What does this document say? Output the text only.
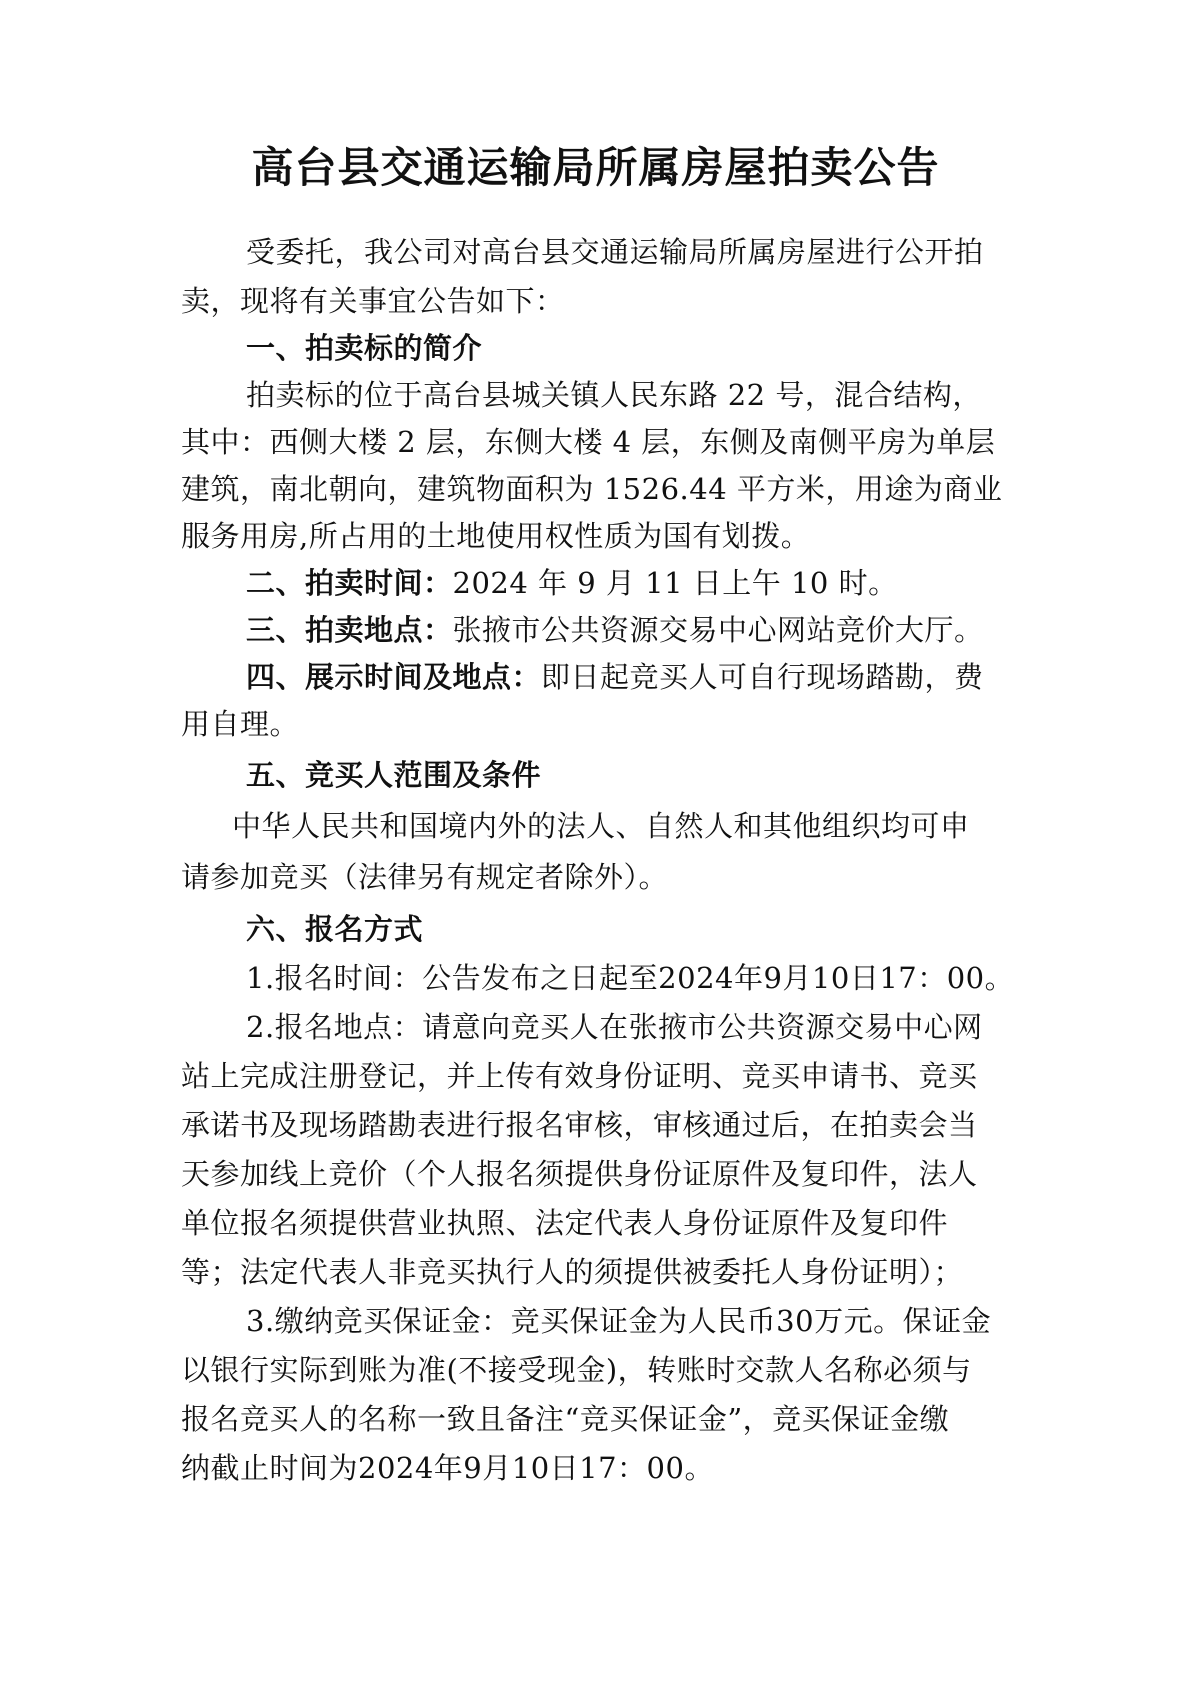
高台县交通运输局所属房屋拍卖公告
受委托，我公司对高台县交通运输局所属房屋进行公开拍
卖，现将有关事宜公告如下：
一、拍卖标的简介
拍卖标的位于高台县城关镇人民东路 22 号，混合结构，
其中：西侧大楼 2 层，东侧大楼 4 层，东侧及南侧平房为单层
建筑，南北朝向，建筑物面积为 1526.44 平方米，用途为商业
服务用房,所占用的土地使用权性质为国有划拨。
二、拍卖时间：2024 年 9 月 11 日上午 10 时。
三、拍卖地点：张掖市公共资源交易中心网站竞价大厅。
四、展示时间及地点：即日起竞买人可自行现场踏勘，费
用自理。
五、竞买人范围及条件
中华人民共和国境内外的法人、自然人和其他组织均可申
请参加竞买（法律另有规定者除外）。
六、报名方式
1.报名时间：公告发布之日起至2024年9月10日17：00。
2.报名地点：请意向竞买人在张掖市公共资源交易中心网
站上完成注册登记，并上传有效身份证明、竞买申请书、竞买
承诺书及现场踏勘表进行报名审核，审核通过后，在拍卖会当
天参加线上竞价（个人报名须提供身份证原件及复印件，法人
单位报名须提供营业执照、法定代表人身份证原件及复印件
等；法定代表人非竞买执行人的须提供被委托人身份证明）；
3.缴纳竞买保证金：竞买保证金为人民币30万元。保证金
以银行实际到账为准(不接受现金)，转账时交款人名称必须与
报名竞买人的名称一致且备注“竞买保证金”，竞买保证金缴
纳截止时间为2024年9月10日17：00。
